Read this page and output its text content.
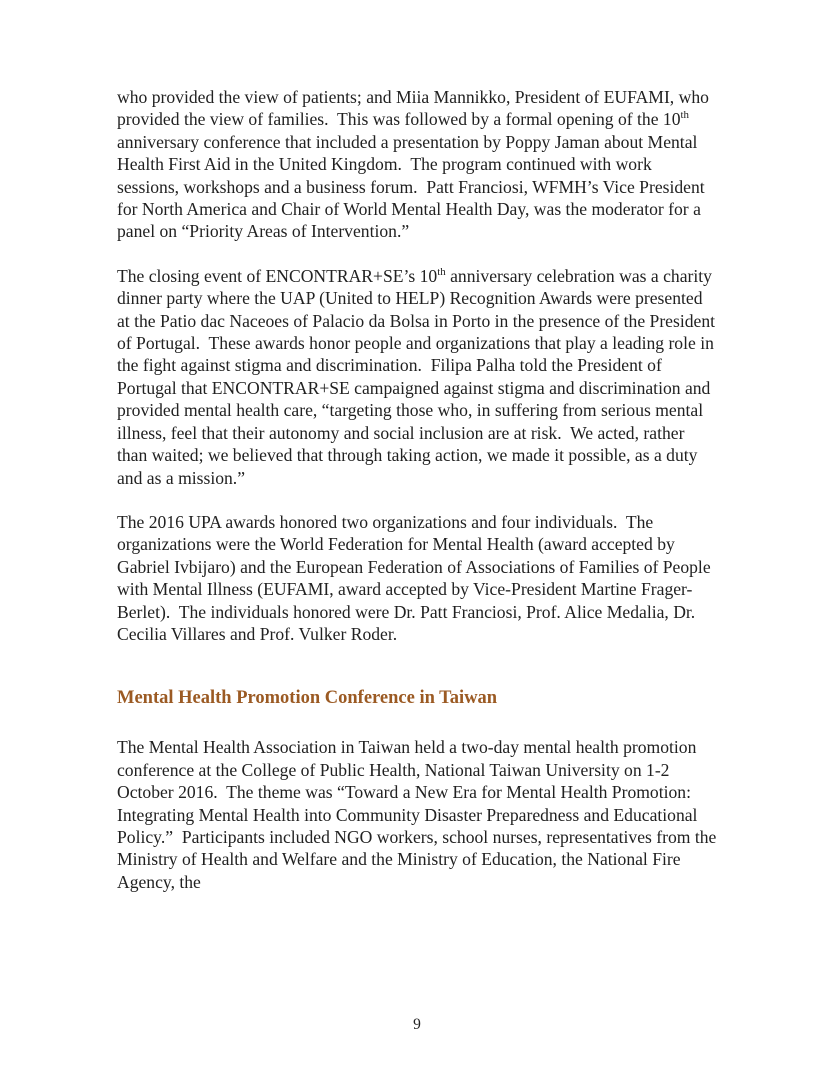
who provided the view of patients; and Miia Mannikko, President of EUFAMI, who provided the view of families.  This was followed by a formal opening of the 10th anniversary conference that included a presentation by Poppy Jaman about Mental Health First Aid in the United Kingdom.  The program continued with work sessions, workshops and a business forum.  Patt Franciosi, WFMH’s Vice President for North America and Chair of World Mental Health Day, was the moderator for a panel on “Priority Areas of Intervention.”

The closing event of ENCONTRAR+SE’s 10th anniversary celebration was a charity dinner party where the UAP (United to HELP) Recognition Awards were presented at the Patio dac Naceoes of Palacio da Bolsa in Porto in the presence of the President of Portugal.  These awards honor people and organizations that play a leading role in the fight against stigma and discrimination.  Filipa Palha told the President of Portugal that ENCONTRAR+SE campaigned against stigma and discrimination and provided mental health care, “targeting those who, in suffering from serious mental illness, feel that their autonomy and social inclusion are at risk.  We acted, rather than waited; we believed that through taking action, we made it possible, as a duty and as a mission.”

The 2016 UPA awards honored two organizations and four individuals.  The organizations were the World Federation for Mental Health (award accepted by Gabriel Ivbijaro) and the European Federation of Associations of Families of People with Mental Illness (EUFAMI, award accepted by Vice-President Martine Frager-Berlet).  The individuals honored were Dr. Patt Franciosi, Prof. Alice Medalia, Dr. Cecilia Villares and Prof. Vulker Roder.

Mental Health Promotion Conference in Taiwan

The Mental Health Association in Taiwan held a two-day mental health promotion conference at the College of Public Health, National Taiwan University on 1-2 October 2016.  The theme was “Toward a New Era for Mental Health Promotion:  Integrating Mental Health into Community Disaster Preparedness and Educational Policy.”  Participants included NGO workers, school nurses, representatives from the Ministry of Health and Welfare and the Ministry of Education, the National Fire Agency, the

9
